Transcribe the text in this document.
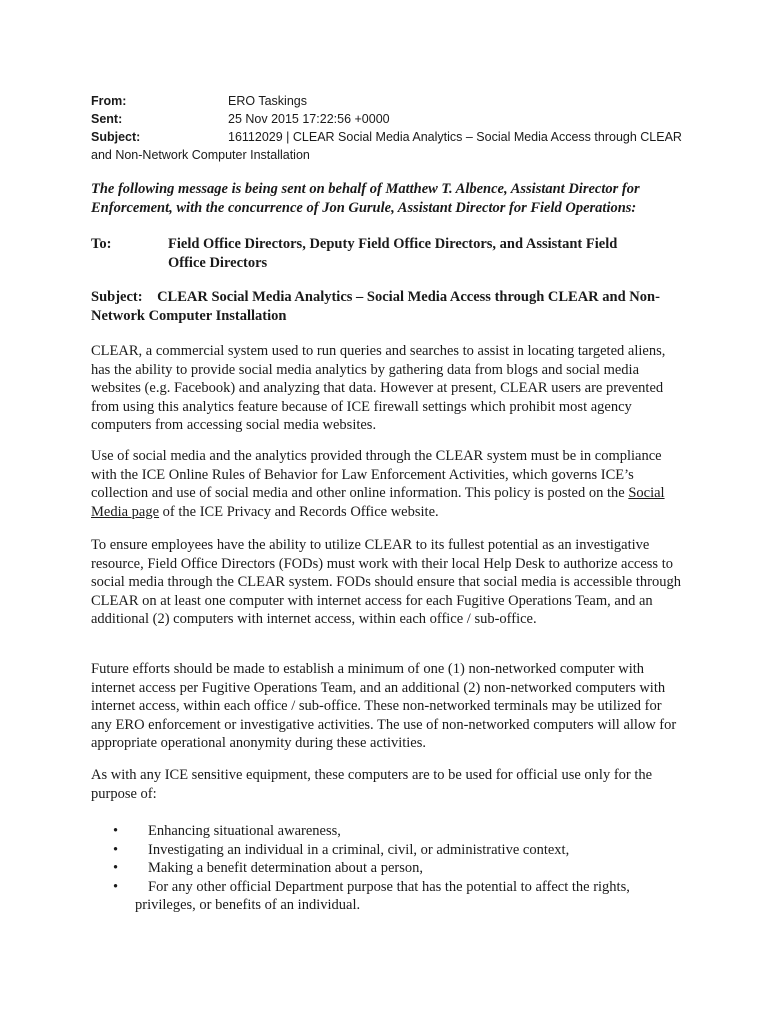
From:	ERO Taskings
Sent:	25 Nov 2015 17:22:56 +0000
Subject:	16112029 | CLEAR Social Media Analytics – Social Media Access through CLEAR
and Non-Network Computer Installation
The following message is being sent on behalf of Matthew T. Albence, Assistant Director for Enforcement, with the concurrence of Jon Gurule, Assistant Director for Field Operations:
To:	Field Office Directors, Deputy Field Office Directors, and Assistant Field Office Directors
Subject: CLEAR Social Media Analytics – Social Media Access through CLEAR and Non-Network Computer Installation

CLEAR, a commercial system used to run queries and searches to assist in locating targeted aliens, has the ability to provide social media analytics by gathering data from blogs and social media websites (e.g. Facebook) and analyzing that data. However at present, CLEAR users are prevented from using this analytics feature because of ICE firewall settings which prohibit most agency computers from accessing social media websites.

Use of social media and the analytics provided through the CLEAR system must be in compliance with the ICE Online Rules of Behavior for Law Enforcement Activities, which governs ICE’s collection and use of social media and other online information. This policy is posted on the Social Media page of the ICE Privacy and Records Office website.

To ensure employees have the ability to utilize CLEAR to its fullest potential as an investigative resource, Field Office Directors (FODs) must work with their local Help Desk to authorize access to social media through the CLEAR system. FODs should ensure that social media is accessible through CLEAR on at least one computer with internet access for each Fugitive Operations Team, and an additional (2) computers with internet access, within each office / sub-office.

Future efforts should be made to establish a minimum of one (1) non-networked computer with internet access per Fugitive Operations Team, and an additional (2) non-networked computers with internet access, within each office / sub-office. These non-networked terminals may be utilized for any ERO enforcement or investigative activities. The use of non-networked computers will allow for appropriate operational anonymity during these activities.

As with any ICE sensitive equipment, these computers are to be used for official use only for the purpose of:

• Enhancing situational awareness,
• Investigating an individual in a criminal, civil, or administrative context,
• Making a benefit determination about a person,
• For any other official Department purpose that has the potential to affect the rights,
privileges, or benefits of an individual.
